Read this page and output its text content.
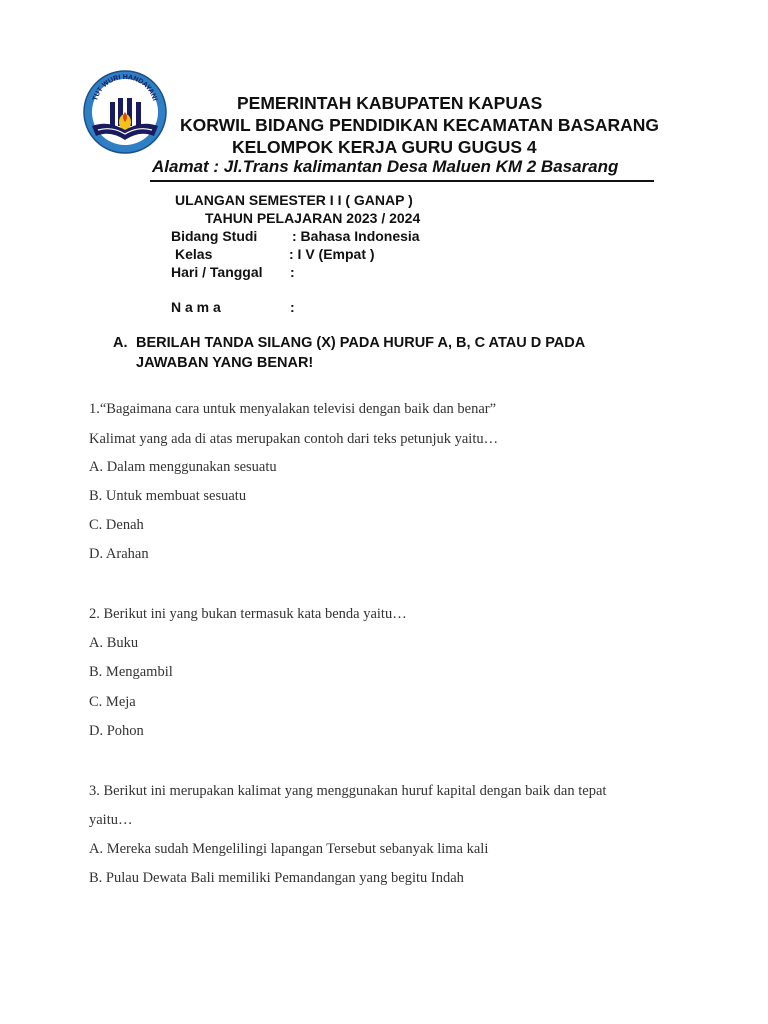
TUT WURI HANDAYANI	PEMERINTAH KABUPATEN KAPUAS
KORWIL BIDANG PENDIDIKAN KECAMATAN BASARANG
KELOMPOK KERJA GURU GUGUS 4
Alamat : Jl.Trans kalimantan Desa Maluen KM 2 Basarang
ULANGAN SEMESTER I I ( GANAP )
TAHUN PELAJARAN 2023 / 2024
Bidang Studi : Bahasa Indonesia
Kelas	: I V (Empat )
Hari / Tanggal :
N a m a	:
A. BERILAH TANDA SILANG (X) PADA HURUF A, B, C ATAU D PADA
JAWABAN YANG BENAR!
1.“Bagaimana cara untuk menyalakan televisi dengan baik dan benar”
Kalimat yang ada di atas merupakan contoh dari teks petunjuk yaitu…
A. Dalam menggunakan sesuatu
B. Untuk membuat sesuatu
C. Denah
D. Arahan
2. Berikut ini yang bukan termasuk kata benda yaitu…
A. Buku
B. Mengambil
C. Meja
D. Pohon
3. Berikut ini merupakan kalimat yang menggunakan huruf kapital dengan baik dan tepat
yaitu…
A. Mereka sudah Mengelilingi lapangan Tersebut sebanyak lima kali
B. Pulau Dewata Bali memiliki Pemandangan yang begitu Indah
